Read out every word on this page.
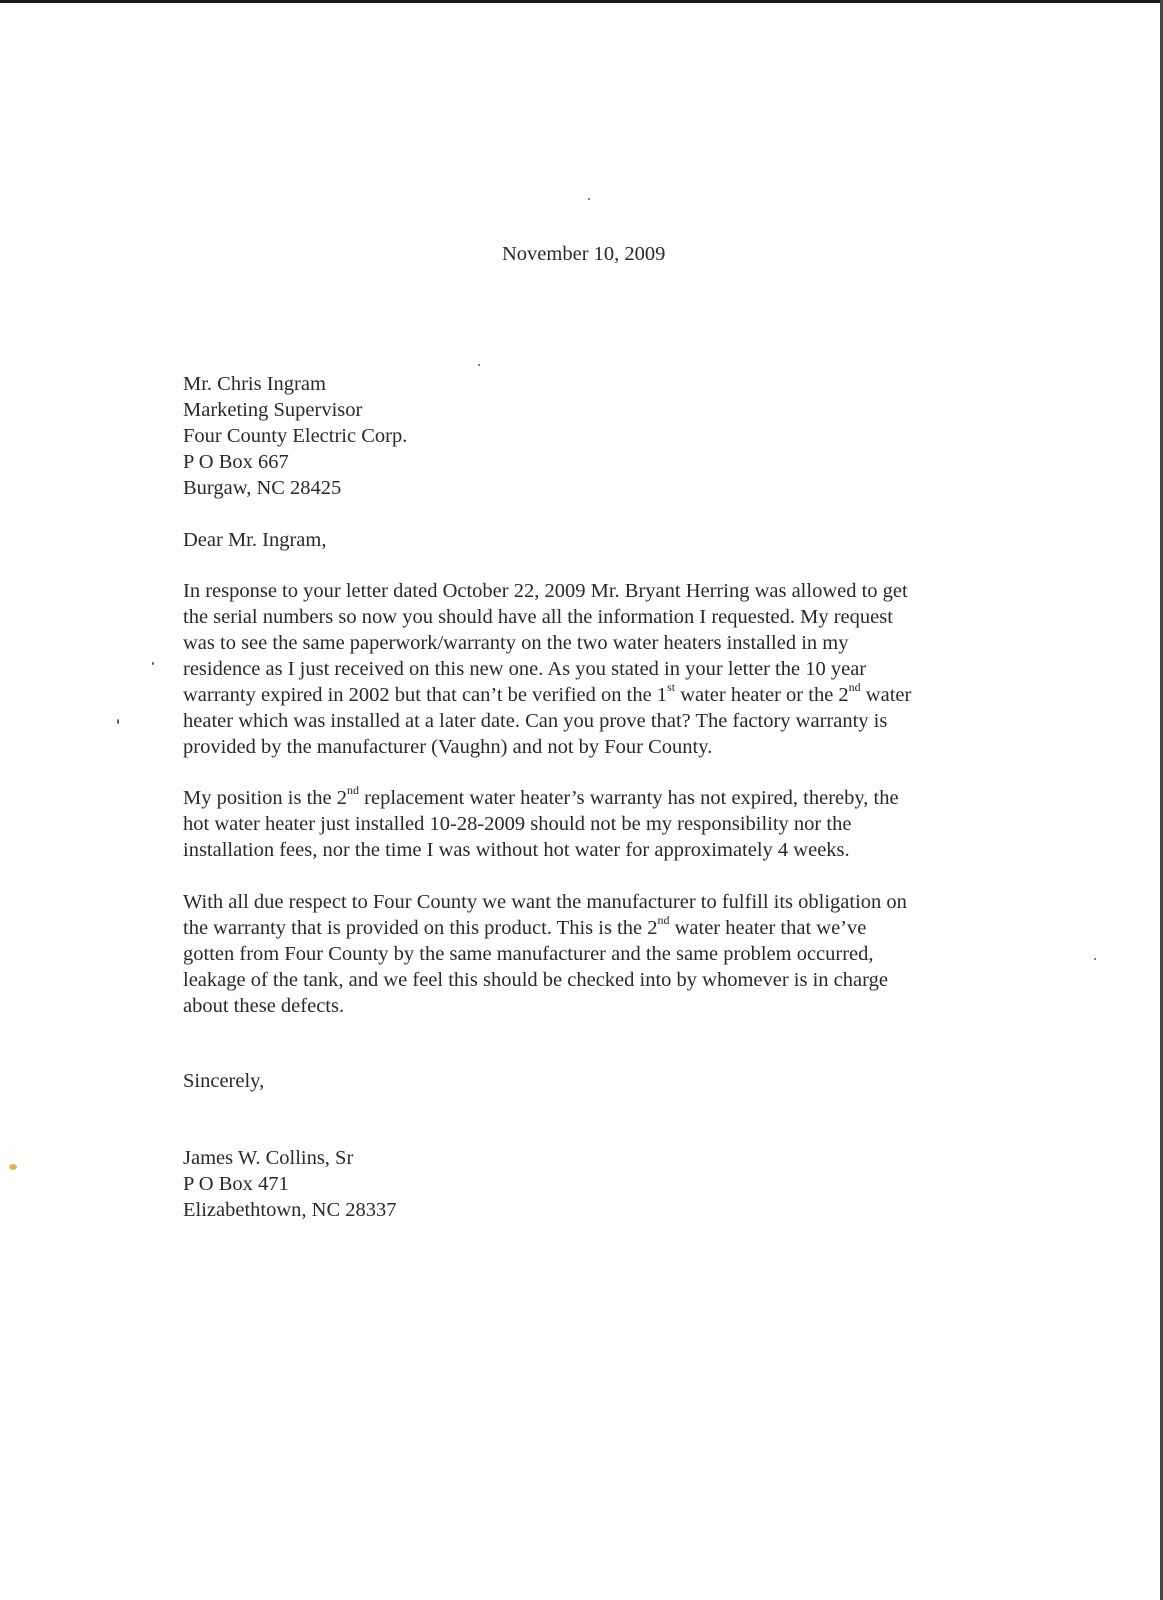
November 10, 2009
Mr. Chris Ingram
Marketing Supervisor
Four County Electric Corp.
P O Box 667
Burgaw, NC 28425
Dear Mr. Ingram,
In response to your letter dated October 22, 2009 Mr. Bryant Herring was allowed to get
the serial numbers so now you should have all the information I requested. My request
was to see the same paperwork/warranty on the two water heaters installed in my
residence as I just received on this new one. As you stated in your letter the 10 year
warranty expired in 2002 but that can’t be verified on the 1st water heater or the 2nd water
heater which was installed at a later date. Can you prove that? The factory warranty is
provided by the manufacturer (Vaughn) and not by Four County.
My position is the 2nd replacement water heater’s warranty has not expired, thereby, the
hot water heater just installed 10-28-2009 should not be my responsibility nor the
installation fees, nor the time I was without hot water for approximately 4 weeks.
With all due respect to Four County we want the manufacturer to fulfill its obligation on
the warranty that is provided on this product. This is the 2nd water heater that we’ve
gotten from Four County by the same manufacturer and the same problem occurred,
leakage of the tank, and we feel this should be checked into by whomever is in charge
about these defects.
Sincerely,
James W. Collins, Sr
P O Box 471
Elizabethtown, NC 28337
